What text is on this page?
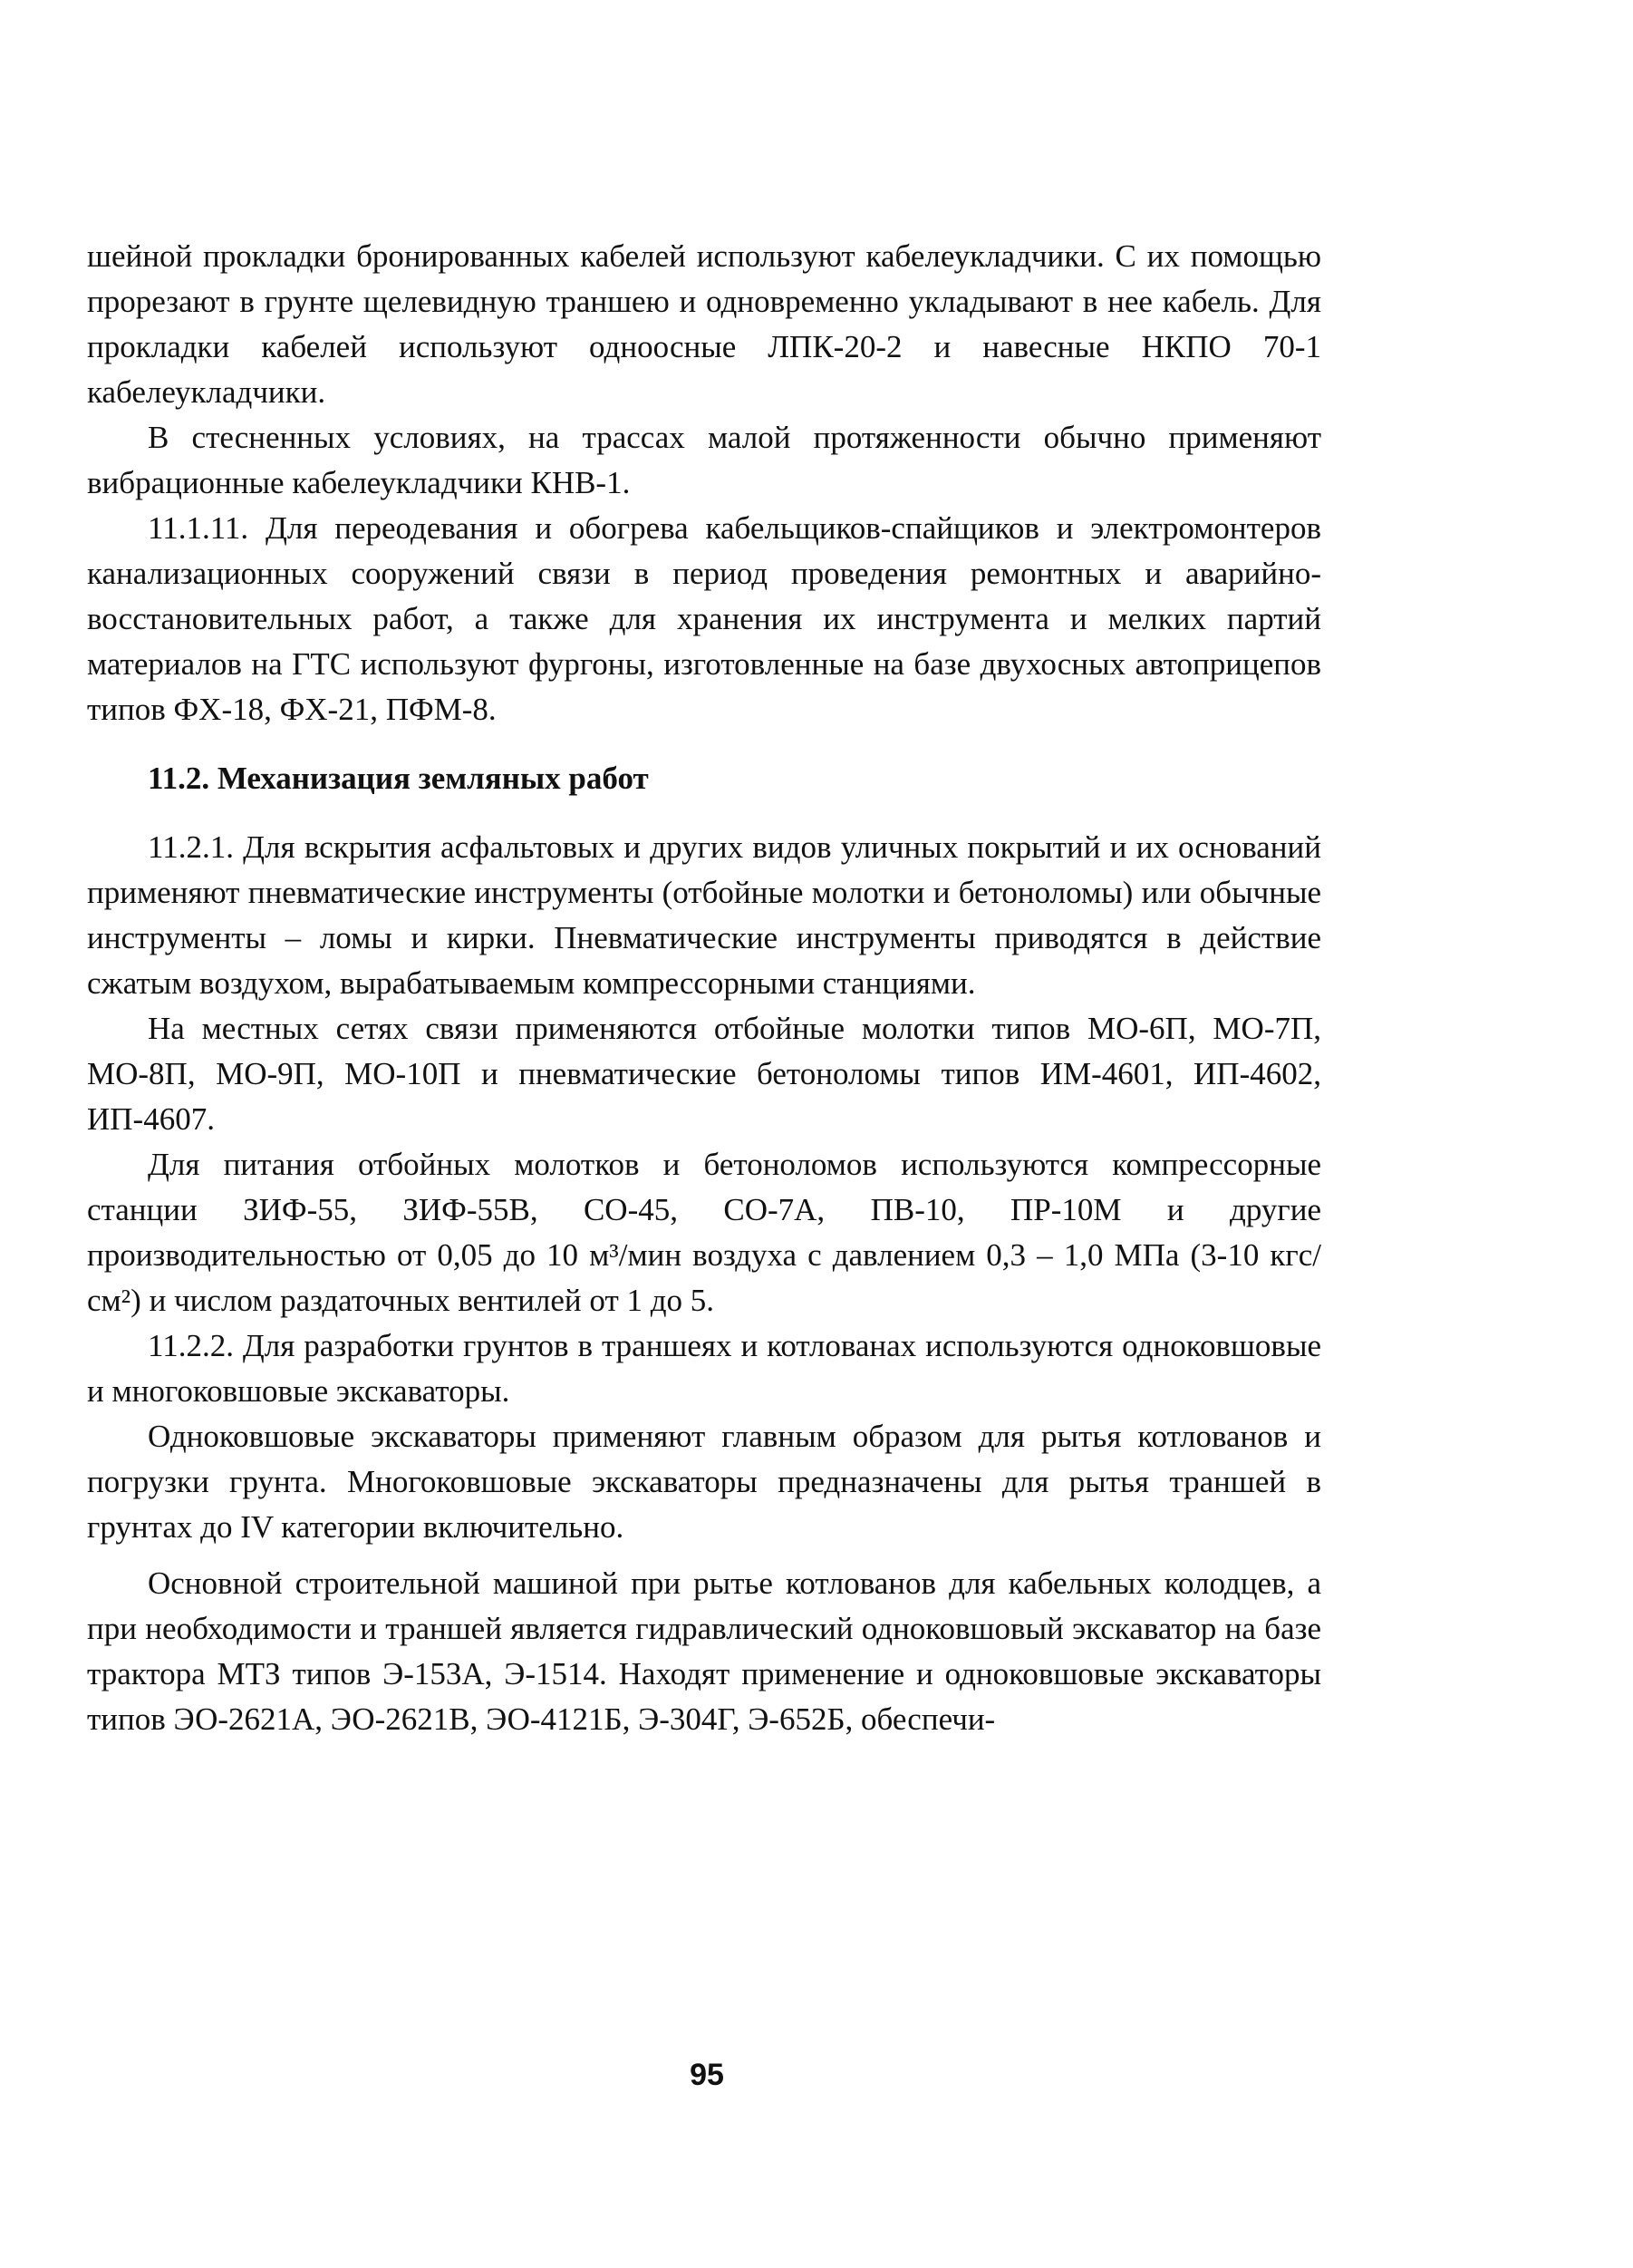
шейной прокладки бронированных кабелей используют кабелеукладчики. С их помощью прорезают в грунте щелевидную траншею и одновременно укладывают в нее кабель. Для прокладки кабелей используют одноосные ЛПК-20-2 и навесные НКПО 70-1 кабелеукладчики.

В стесненных условиях, на трассах малой протяженности обычно применяют вибрационные кабелеукладчики КНВ-1.

11.1.11. Для переодевания и обогрева кабельщиков-спайщиков и электромонтеров канализационных сооружений связи в период проведения ремонтных и аварийно-восстановительных работ, а также для хранения их инструмента и мелких партий материалов на ГТС используют фургоны, изготовленные на базе двухосных автоприцепов типов ФХ-18, ФХ-21, ПФМ-8.

11.2. Механизация земляных работ

11.2.1. Для вскрытия асфальтовых и других видов уличных покрытий и их оснований применяют пневматические инструменты (отбойные молотки и бетоноломы) или обычные инструменты – ломы и кирки. Пневматические инструменты приводятся в действие сжатым воздухом, вырабатываемым компрессорными станциями.

На местных сетях связи применяются отбойные молотки типов МО-6П, МО-7П, МО-8П, МО-9П, МО-10П и пневматические бетоноломы типов ИМ-4601, ИП-4602, ИП-4607.

Для питания отбойных молотков и бетоноломов используются компрессорные станции ЗИФ-55, ЗИФ-55В, СО-45, СО-7А, ПВ-10, ПР-10М и другие производительностью от 0,05 до 10 м³/мин воздуха с давлением 0,3 – 1,0 МПа (3-10 кгс/см²) и числом раздаточных вентилей от 1 до 5.

11.2.2. Для разработки грунтов в траншеях и котлованах используются одноковшовые и многоковшовые экскаваторы.

Одноковшовые экскаваторы применяют главным образом для рытья котлованов и погрузки грунта. Многоковшовые экскаваторы предназначены для рытья траншей в грунтах до IV категории включительно.

Основной строительной машиной при рытье котлованов для кабельных колодцев, а при необходимости и траншей является гидравлический одноковшовый экскаватор на базе трактора МТЗ типов Э-153А, Э-1514. Находят применение и одноковшовые экскаваторы типов ЭО-2621А, ЭО-2621В, ЭО-4121Б, Э-304Г, Э-652Б, обеспечи-

95
